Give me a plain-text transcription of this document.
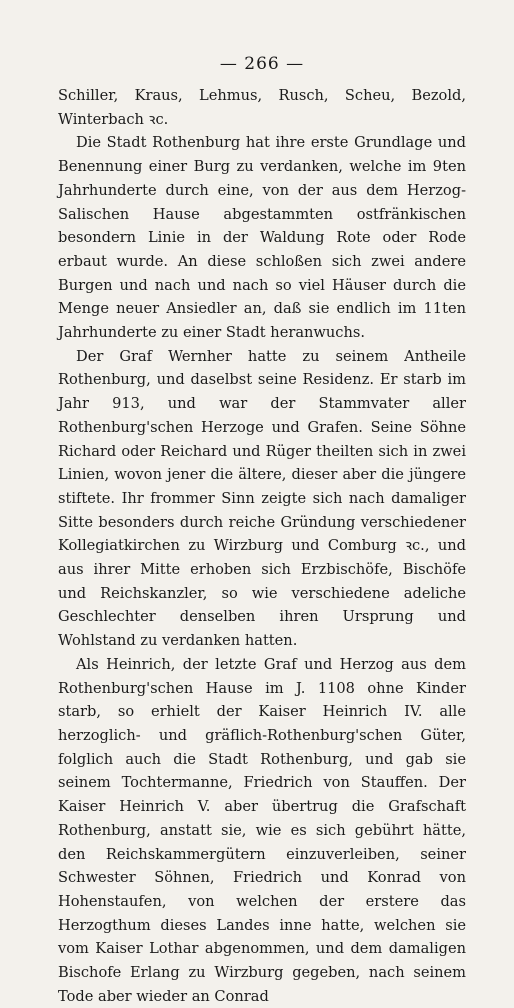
— 266 —

Schiller, Kraus, Lehmus, Rusch, Scheu, Bezold, Winterbach ꝛc.

Die Stadt Rothenburg hat ihre erste Grundlage und Benennung einer Burg zu verdanken, welche im 9ten Jahrhunderte durch eine, von der aus dem Herzog-Salischen Hause abgestammten ostfränkischen besondern Linie in der Waldung Rote oder Rode erbaut wurde. An diese schloßen sich zwei andere Burgen und nach und nach so viel Häuser durch die Menge neuer Ansiedler an, daß sie endlich im 11ten Jahrhunderte zu einer Stadt heranwuchs.

Der Graf Wernher hatte zu seinem Antheile Rothenburg, und daselbst seine Residenz. Er starb im Jahr 913, und war der Stammvater aller Rothenburg'schen Herzoge und Grafen. Seine Söhne Richard oder Reichard und Rüger theilten sich in zwei Linien, wovon jener die ältere, dieser aber die jüngere stiftete. Ihr frommer Sinn zeigte sich nach damaliger Sitte besonders durch reiche Gründung verschiedener Kollegiatkirchen zu Wirzburg und Comburg ꝛc., und aus ihrer Mitte erhoben sich Erzbischöfe, Bischöfe und Reichskanzler, so wie verschiedene adeliche Geschlechter denselben ihren Ursprung und Wohlstand zu verdanken hatten.

Als Heinrich, der letzte Graf und Herzog aus dem Rothenburg'schen Hause im J. 1108 ohne Kinder starb, so erhielt der Kaiser Heinrich IV. alle herzoglich- und gräflich-Rothenburg'schen Güter, folglich auch die Stadt Rothenburg, und gab sie seinem Tochtermanne, Friedrich von Stauffen. Der Kaiser Heinrich V. aber übertrug die Grafschaft Rothenburg, anstatt sie, wie es sich gebührt hätte, den Reichskammergütern einzuverleiben, seiner Schwester Söhnen, Friedrich und Konrad von Hohenstaufen, von welchen der erstere das Herzogthum dieses Landes inne hatte, welchen sie vom Kaiser Lothar abgenommen, und dem damaligen Bischofe Erlang zu Wirzburg gegeben, nach seinem Tode aber wieder an Conrad
